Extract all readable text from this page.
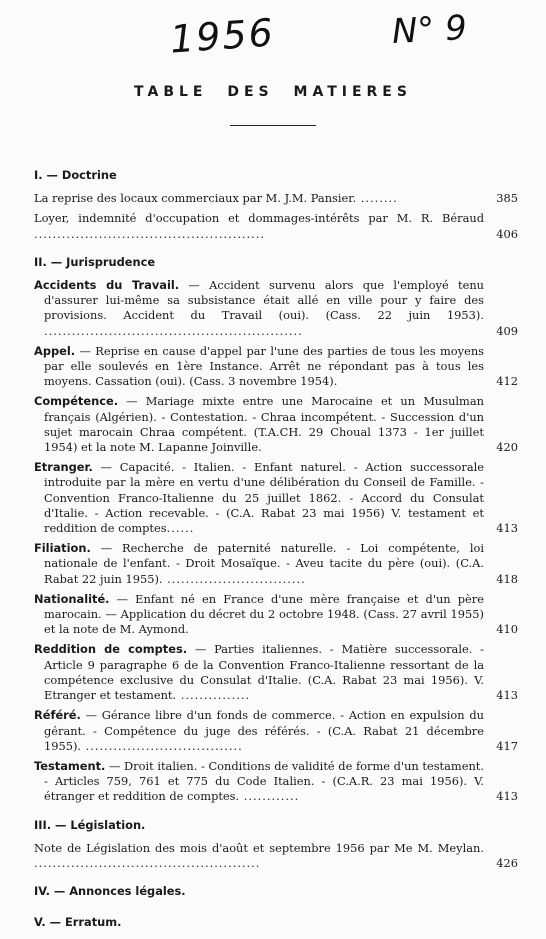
1956	N° 9
TABLE DES MATIERES
I. — Doctrine
La reprise des locaux commerciaux par M. J.M. Pansier. ........	385
Loyer, indemnité d'occupation et dommages-intérêts par M. R. Béraud ..................................................	406
II. — Jurisprudence
Accidents du Travail. — Accident survenu alors que l'employé tenu d'assurer lui-même sa subsistance était allé en ville pour y faire des provisions. Accident du Travail (oui). (Cass. 22 juin 1953). ........................................................	409
Appel. — Reprise en cause d'appel par l'une des parties de tous les moyens par elle soulevés en 1ère Instance. Arrêt ne répondant pas à tous les moyens. Cassation (oui). (Cass. 3 novembre 1954).	412
Compétence. — Mariage mixte entre une Marocaine et un Musulman français (Algérien). - Contestation. - Chraa incompétent. - Succession d'un sujet marocain Chraa compétent. (T.A.CH. 29 Choual 1373 - 1er juillet 1954) et la note M. Lapanne Joinville.	420
Etranger. — Capacité. - Italien. - Enfant naturel. - Action successorale introduite par la mère en vertu d'une délibération du Conseil de Famille. - Convention Franco-Italienne du 25 juillet 1862. - Accord du Consulat d'Italie. - Action recevable. - (C.A. Rabat 23 mai 1956) V. testament et reddition de comptes......	413
Filiation. — Recherche de paternité naturelle. - Loi compétente, loi nationale de l'enfant. - Droit Mosaïque. - Aveu tacite du père (oui). (C.A. Rabat 22 juin 1955). ..............................	418
Nationalité. — Enfant né en France d'une mère française et d'un père marocain. — Application du décret du 2 octobre 1948. (Cass. 27 avril 1955) et la note de M. Aymond.	410
Reddition de comptes. — Parties italiennes. - Matière successorale. - Article 9 paragraphe 6 de la Convention Franco-Italienne ressortant de la compétence exclusive du Consulat d'Italie. (C.A. Rabat 23 mai 1956). V. Etranger et testament. ...............	413
Référé. — Gérance libre d'un fonds de commerce. - Action en expulsion du gérant. - Compétence du juge des référés. - (C.A. Rabat 21 décembre 1955). ..................................	417
Testament. — Droit italien. - Conditions de validité de forme d'un testament. - Articles 759, 761 et 775 du Code Italien. - (C.A.R. 23 mai 1956). V. étranger et reddition de comptes. ............	413
III. — Législation.
Note de Législation des mois d'août et septembre 1956 par Me M. Meylan. .................................................	426
IV. — Annonces légales.
V. — Erratum.
